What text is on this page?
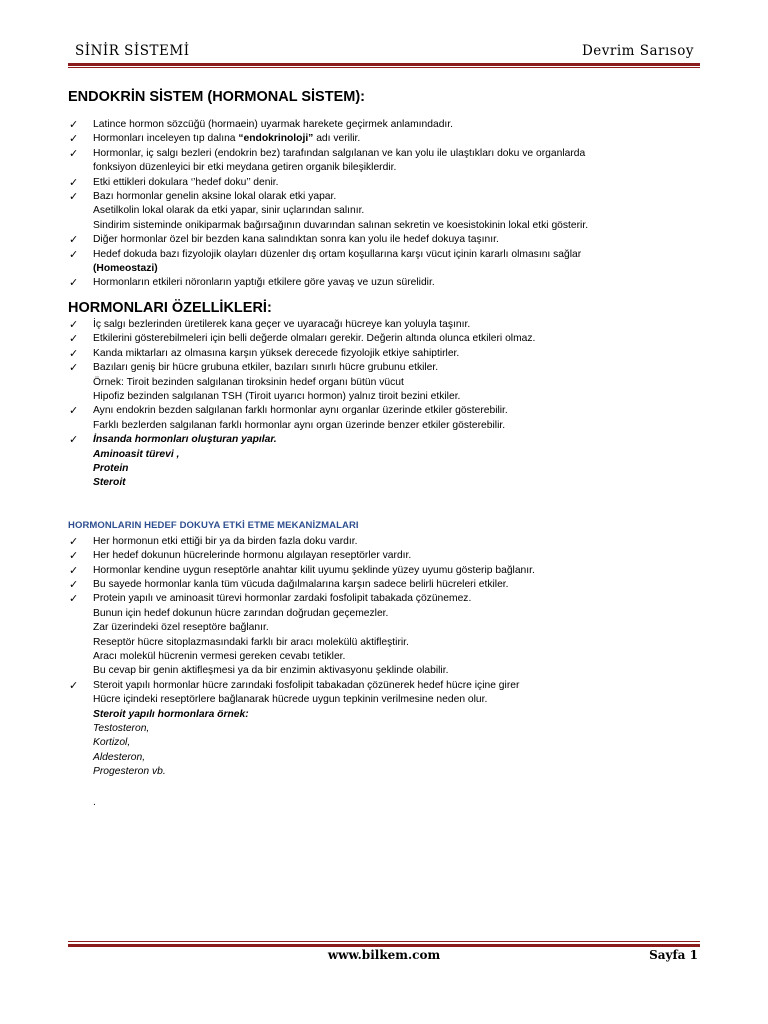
SİNİR SİSTEMİ	Devrim Sarısoy
ENDOKRİN SİSTEM (HORMONAL SİSTEM):
✓ Latince hormon sözcüğü (hormaein) uyarmak harekete geçirmek anlamındadır.
✓ Hormonları inceleyen tıp dalına “endokrinoloji” adı verilir.
✓ Hormonlar, iç salgı bezleri (endokrin bez) tarafından salgılanan ve kan yolu ile ulaştıkları doku ve organlarda
fonksiyon düzenleyici bir etki meydana getiren organik bileşiklerdir.
✓ Etki ettikleri dokulara ‘’hedef doku’’ denir.
✓ Bazı hormonlar genelin aksine lokal olarak etki yapar.
Asetilkolin lokal olarak da etki yapar, sinir uçlarından salınır.
Sindirim sisteminde onikiparmak bağırsağının duvarından salınan sekretin ve koesistokinin lokal etki gösterir.
✓ Diğer hormonlar özel bir bezden kana salındıktan sonra kan yolu ile hedef dokuya taşınır.
✓ Hedef dokuda bazı fizyolojik olayları düzenler dış ortam koşullarına karşı vücut içinin kararlı olmasını sağlar
(Homeostazi)
✓ Hormonların etkileri nöronların yaptığı etkilere göre yavaş ve uzun sürelidir.
HORMONLARI ÖZELLİKLERİ:
✓ İç salgı bezlerinden üretilerek kana geçer ve uyaracağı hücreye kan yoluyla taşınır.
✓ Etkilerini gösterebilmeleri için belli değerde olmaları gerekir. Değerin altında olunca etkileri olmaz.
✓ Kanda miktarları az olmasına karşın yüksek derecede fizyolojik etkiye sahiptirler.
✓ Bazıları geniş bir hücre grubuna etkiler, bazıları sınırlı hücre grubunu etkiler.
Örnek: Tiroit bezinden salgılanan tiroksinin hedef organı bütün vücut
Hipofiz bezinden salgılanan TSH (Tiroit uyarıcı hormon) yalnız tiroit bezini etkiler.
✓ Aynı endokrin bezden salgılanan farklı hormonlar aynı organlar üzerinde etkiler gösterebilir.
Farklı bezlerden salgılanan farklı hormonlar aynı organ üzerinde benzer etkiler gösterebilir.
✓ İnsanda hormonları oluşturan yapılar.
Aminoasit türevi ,
Protein
Steroit
HORMONLARIN HEDEF DOKUYA ETKİ ETME MEKANİZMALARI
✓ Her hormonun etki ettiği bir ya da birden fazla doku vardır.
✓ Her hedef dokunun hücrelerinde hormonu algılayan reseptörler vardır.
✓ Hormonlar kendine uygun reseptörle anahtar kilit uyumu şeklinde yüzey uyumu gösterip bağlanır.
✓ Bu sayede hormonlar kanla tüm vücuda dağılmalarına karşın sadece belirli hücreleri etkiler.
✓ Protein yapılı ve aminoasit türevi hormonlar zardaki fosfolipit tabakada çözünemez.
Bunun için hedef dokunun hücre zarından doğrudan geçemezler.
Zar üzerindeki özel reseptöre bağlanır.
Reseptör hücre sitoplazmasındaki farklı bir aracı molekülü aktifleştirir.
Aracı molekül hücrenin vermesi gereken cevabı tetikler.
Bu cevap bir genin aktifleşmesi ya da bir enzimin aktivasyonu şeklinde olabilir.
✓ Steroit yapılı hormonlar hücre zarındaki fosfolipit tabakadan çözünerek hedef hücre içine girer
Hücre içindeki reseptörlere bağlanarak hücrede uygun tepkinin verilmesine neden olur.
Steroit yapılı hormonlara örnek:
Testosteron,
Kortizol,
Aldesteron,
Progesteron vb.
.
www.bilkem.com	Sayfa 1
